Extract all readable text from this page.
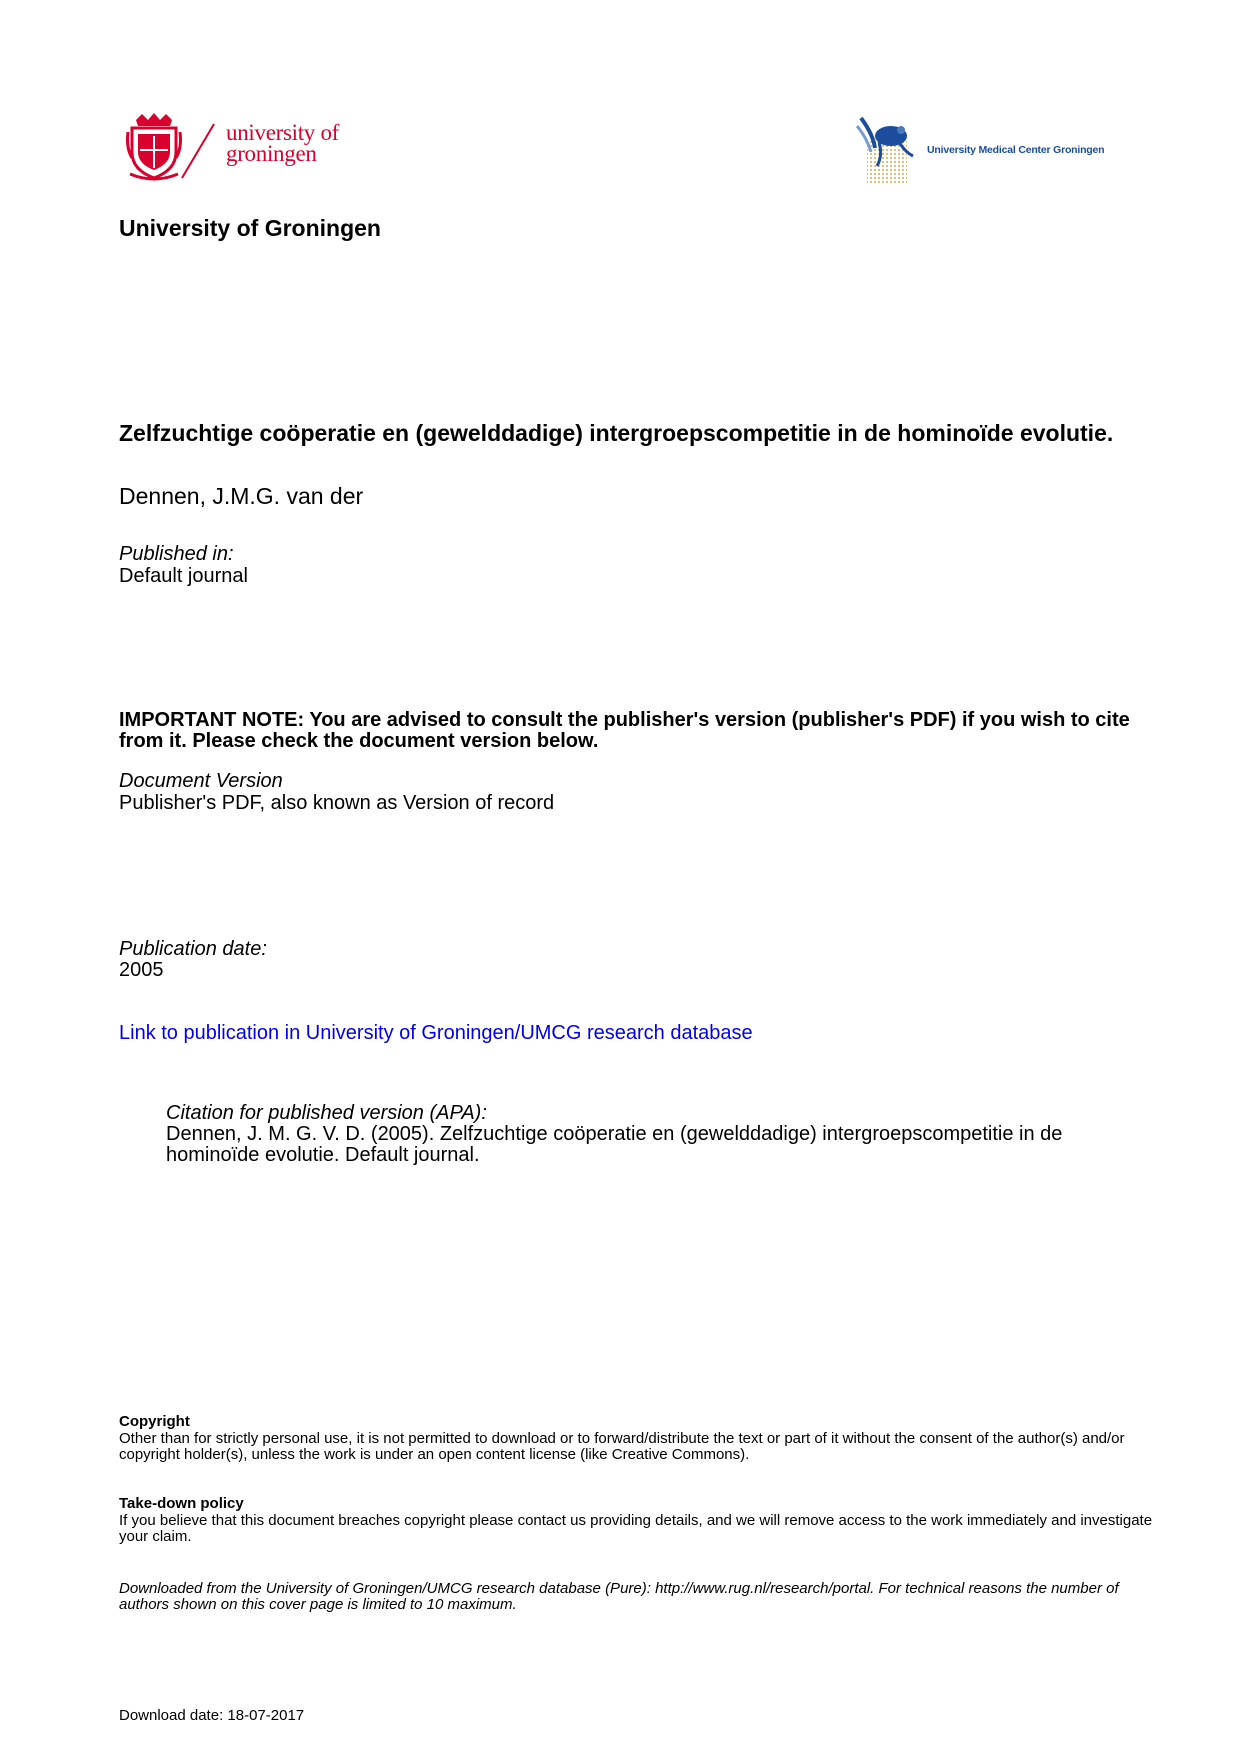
university of
groningen	University Medical Center Groningen
University of Groningen
Zelfzuchtige coöperatie en (gewelddadige) intergroepscompetitie in de hominoïde evolutie.
Dennen, J.M.G. van der
Published in:
Default journal
IMPORTANT NOTE: You are advised to consult the publisher's version (publisher's PDF) if you wish to cite from it. Please check the document version below.
Document Version
Publisher's PDF, also known as Version of record
Publication date:
2005
Link to publication in University of Groningen/UMCG research database
Citation for published version (APA):
Dennen, J. M. G. V. D. (2005). Zelfzuchtige coöperatie en (gewelddadige) intergroepscompetitie in de hominoïde evolutie. Default journal.
Copyright
Other than for strictly personal use, it is not permitted to download or to forward/distribute the text or part of it without the consent of the author(s) and/or copyright holder(s), unless the work is under an open content license (like Creative Commons).
Take-down policy
If you believe that this document breaches copyright please contact us providing details, and we will remove access to the work immediately and investigate your claim.
Downloaded from the University of Groningen/UMCG research database (Pure): http://www.rug.nl/research/portal. For technical reasons the number of authors shown on this cover page is limited to 10 maximum.
Download date: 18-07-2017
